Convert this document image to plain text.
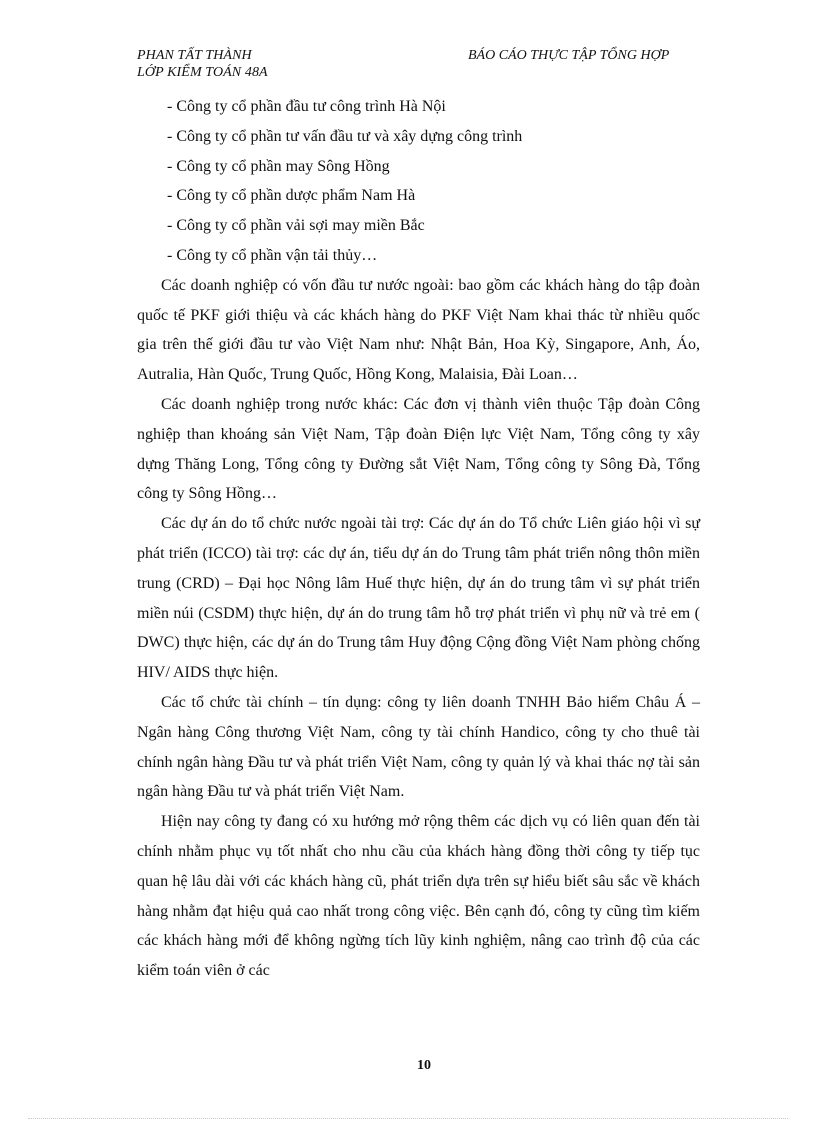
PHAN TẤT THÀNH
LỚP KIỂM TOÁN 48A
BÁO CÁO THỰC TẬP TỔNG HỢP

- Công ty cổ phần đầu tư công trình Hà Nội

- Công ty cổ phần tư vấn đầu tư và xây dựng công trình

- Công ty cổ phần may Sông Hồng

- Công ty cổ phần dược phẩm Nam Hà

- Công ty cổ phần vải sợi may miền Bắc

- Công ty cổ phần vận tải thủy…

Các doanh nghiệp có vốn đầu tư nước ngoài: bao gồm các khách hàng do tập đoàn quốc tế PKF giới thiệu và các khách hàng do PKF Việt Nam khai thác từ nhiều quốc gia trên thế giới đầu tư vào Việt Nam như: Nhật Bản, Hoa Kỳ, Singapore, Anh, Áo, Autralia, Hàn Quốc, Trung Quốc, Hồng Kong, Malaisia, Đài Loan…

Các doanh nghiệp trong nước khác: Các đơn vị thành viên thuộc Tập đoàn Công nghiệp than khoáng sản Việt Nam, Tập đoàn Điện lực Việt Nam, Tổng công ty xây dựng Thăng Long, Tổng công ty Đường sắt Việt Nam, Tổng công ty Sông Đà, Tổng công ty Sông Hồng…

Các dự án do tổ chức nước ngoài tài trợ: Các dự án do Tổ chức Liên giáo hội vì sự phát triển (ICCO) tài trợ: các dự án, tiểu dự án do Trung tâm phát triển nông thôn miền trung (CRD) – Đại học Nông lâm Huế thực hiện, dự án do trung tâm vì sự phát triển miền núi (CSDM) thực hiện, dự án do trung tâm hỗ trợ phát triển vì phụ nữ và trẻ em ( DWC) thực hiện, các dự án do Trung tâm Huy động Cộng đồng Việt Nam phòng chống HIV/ AIDS thực hiện.

Các tổ chức tài chính – tín dụng: công ty liên doanh TNHH Bảo hiểm Châu Á – Ngân hàng Công thương Việt Nam, công ty tài chính Handico, công ty cho thuê tài chính ngân hàng Đầu tư và phát triển Việt Nam, công ty quản lý và khai thác nợ tài sản ngân hàng Đầu tư và phát triển Việt Nam.

Hiện nay công ty đang có xu hướng mở rộng thêm các dịch vụ có liên quan đến tài chính nhằm phục vụ tốt nhất cho nhu cầu của khách hàng đồng thời công ty tiếp tục quan hệ lâu dài với các khách hàng cũ, phát triển dựa trên sự hiểu biết sâu sắc về khách hàng nhằm đạt hiệu quả cao nhất trong công việc. Bên cạnh đó, công ty cũng tìm kiếm các khách hàng mới để không ngừng tích lũy kinh nghiệm, nâng cao trình độ của các kiểm toán viên ở các

10
